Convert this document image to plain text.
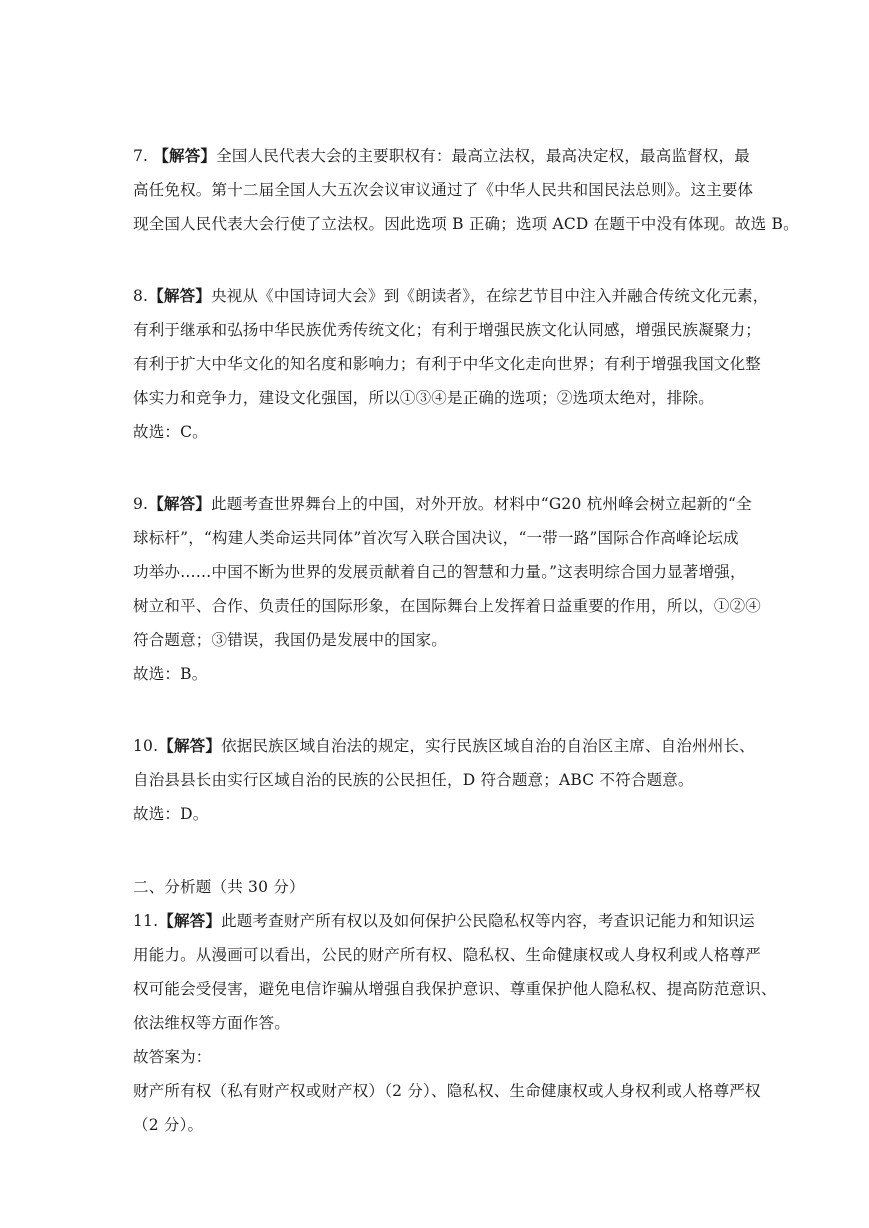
7. 【解答】全国人民代表大会的主要职权有：最高立法权，最高决定权，最高监督权，最
高任免权。第十二届全国人大五次会议审议通过了《中华人民共和国民法总则》。这主要体
现全国人民代表大会行使了立法权。因此选项 B 正确；选项 ACD 在题干中没有体现。故选 B。
8.【解答】央视从《中国诗词大会》到《朗读者》，在综艺节目中注入并融合传统文化元素，
有利于继承和弘扬中华民族优秀传统文化；有利于增强民族文化认同感，增强民族凝聚力；
有利于扩大中华文化的知名度和影响力；有利于中华文化走向世界；有利于增强我国文化整
体实力和竞争力，建设文化强国，所以①③④是正确的选项；②选项太绝对，排除。
故选：C。
9.【解答】此题考查世界舞台上的中国，对外开放。材料中“G20 杭州峰会树立起新的“全
球标杆”，“构建人类命运共同体”首次写入联合国决议，“一带一路”国际合作高峰论坛成
功举办……中国不断为世界的发展贡献着自己的智慧和力量。”这表明综合国力显著增强，
树立和平、合作、负责任的国际形象，在国际舞台上发挥着日益重要的作用，所以，①②④
符合题意；③错误，我国仍是发展中的国家。
故选：B。
10.【解答】依据民族区域自治法的规定，实行民族区域自治的自治区主席、自治州州长、
自治县县长由实行区域自治的民族的公民担任，D 符合题意；ABC 不符合题意。
故选：D。
二、分析题（共 30 分）
11.【解答】此题考查财产所有权以及如何保护公民隐私权等内容，考查识记能力和知识运
用能力。从漫画可以看出，公民的财产所有权、隐私权、生命健康权或人身权利或人格尊严
权可能会受侵害，避免电信诈骗从增强自我保护意识、尊重保护他人隐私权、提高防范意识、
依法维权等方面作答。
故答案为：
财产所有权（私有财产权或财产权）（2 分）、隐私权、生命健康权或人身权利或人格尊严权
（2 分）。
